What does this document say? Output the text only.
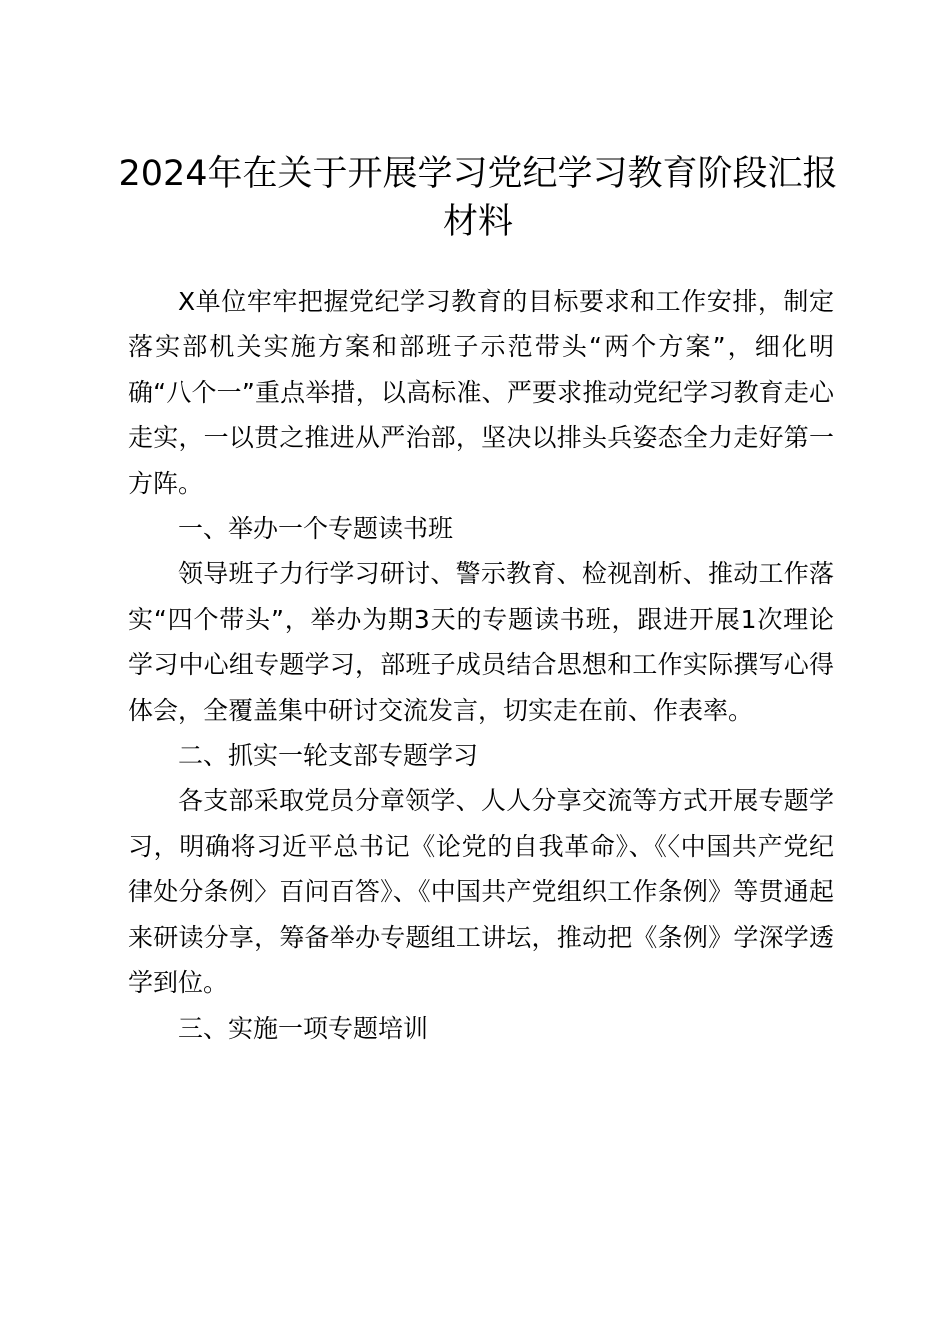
2024年在关于开展学习党纪学习教育阶段汇报材料

X单位牢牢把握党纪学习教育的目标要求和工作安排，制定落实部机关实施方案和部班子示范带头“两个方案”，细化明确“八个一”重点举措，以高标准、严要求推动党纪学习教育走心走实，一以贯之推进从严治部，坚决以排头兵姿态全力走好第一方阵。

一、举办一个专题读书班

领导班子力行学习研讨、警示教育、检视剖析、推动工作落实“四个带头”，举办为期3天的专题读书班，跟进开展1次理论学习中心组专题学习，部班子成员结合思想和工作实际撰写心得体会，全覆盖集中研讨交流发言，切实走在前、作表率。

二、抓实一轮支部专题学习

各支部采取党员分章领学、人人分享交流等方式开展专题学习，明确将习近平总书记《论党的自我革命》、《〈中国共产党纪律处分条例〉百问百答》、《中国共产党组织工作条例》等贯通起来研读分享，筹备举办专题组工讲坛，推动把《条例》学深学透学到位。

三、实施一项专题培训
